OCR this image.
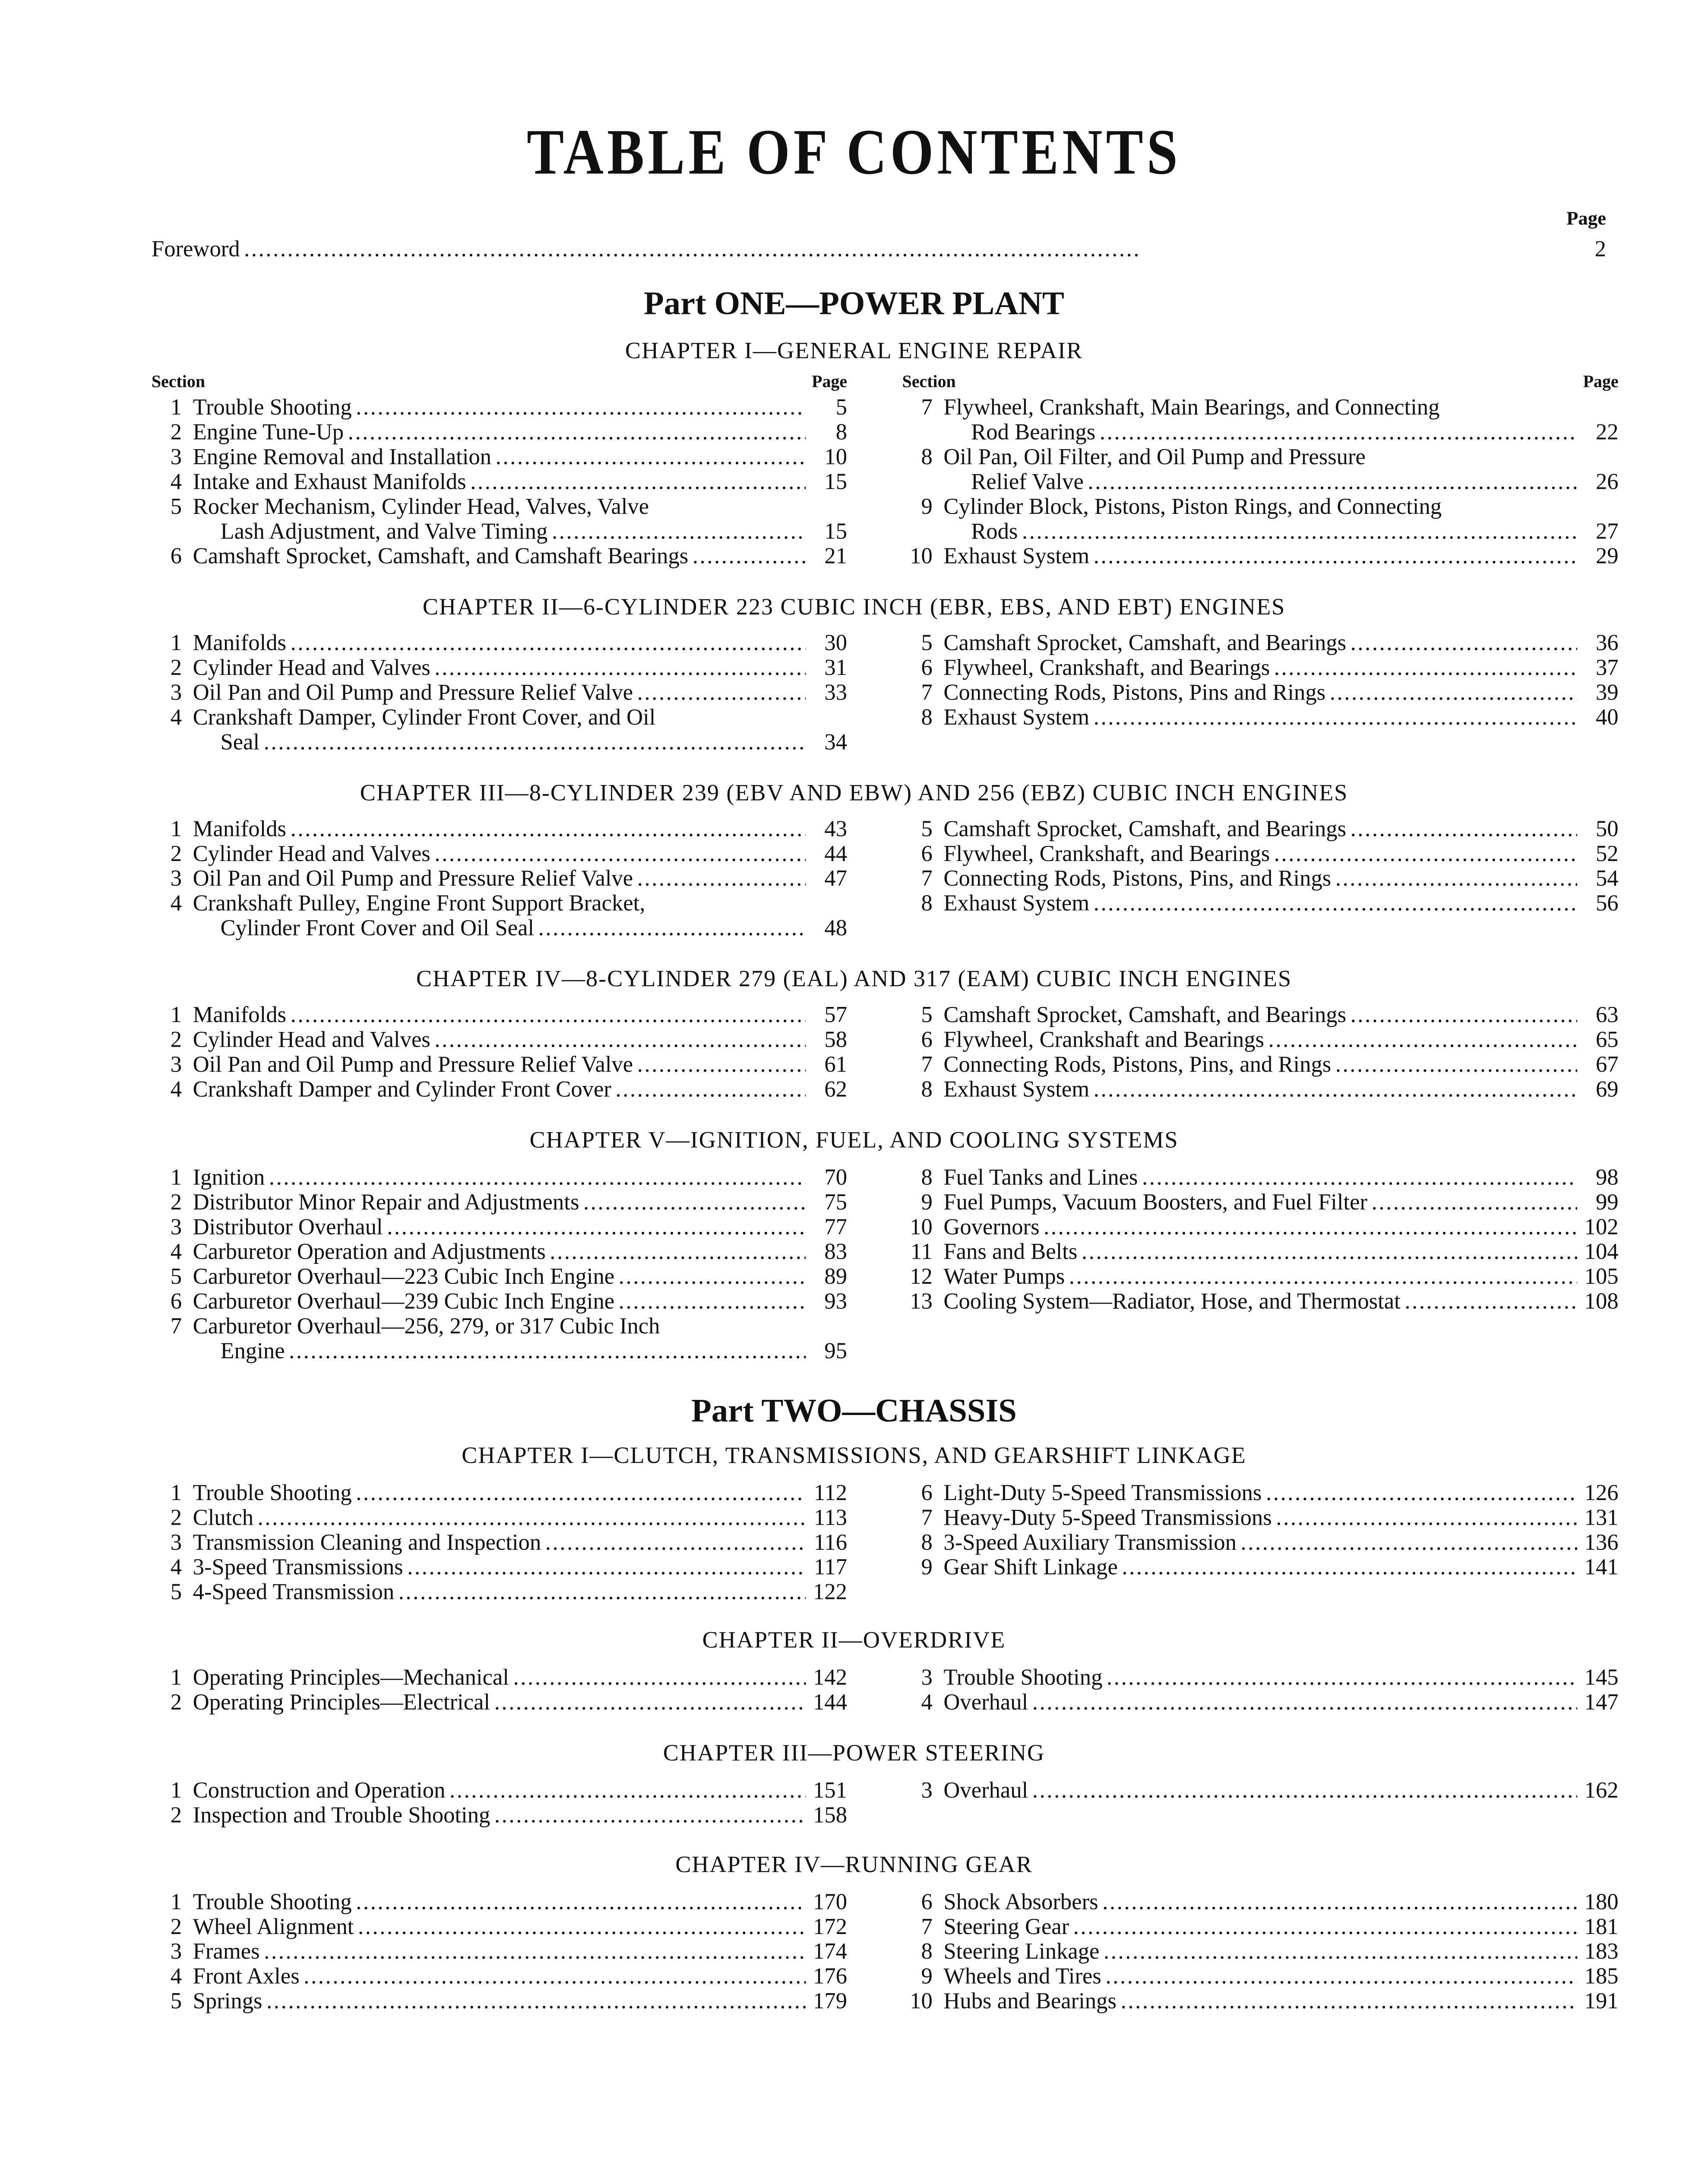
TABLE OF CONTENTS
Page
Foreword . . .	2
Part ONE—POWER PLANT
CHAPTER I—GENERAL ENGINE REPAIR
Section	Page
1	Trouble Shooting . . .	5
2	Engine Tune-Up . . .	8
3	Engine Removal and Installation . . .	10
4	Intake and Exhaust Manifolds . . .	15
5	Rocker Mechanism, Cylinder Head, Valves, Valve
Lash Adjustment, and Valve Timing . . .	15
6	Camshaft Sprocket, Camshaft, and Camshaft Bearings . . .	21
Section	Page
7	Flywheel, Crankshaft, Main Bearings, and Connecting
Rod Bearings . . .	22
8	Oil Pan, Oil Filter, and Oil Pump and Pressure
Relief Valve . . .	26
9	Cylinder Block, Pistons, Piston Rings, and Connecting
Rods . . .	27
10	Exhaust System . . .	29
CHAPTER II—6-CYLINDER 223 CUBIC INCH (EBR, EBS, AND EBT) ENGINES
1	Manifolds . . .	30
2	Cylinder Head and Valves . . .	31
3	Oil Pan and Oil Pump and Pressure Relief Valve . . .	33
4	Crankshaft Damper, Cylinder Front Cover, and Oil
Seal . . .	34
5	Camshaft Sprocket, Camshaft, and Bearings . . .	36
6	Flywheel, Crankshaft, and Bearings . . .	37
7	Connecting Rods, Pistons, Pins and Rings . . .	39
8	Exhaust System . . .	40
CHAPTER III—8-CYLINDER 239 (EBV AND EBW) AND 256 (EBZ) CUBIC INCH ENGINES
1	Manifolds . . .	43
2	Cylinder Head and Valves . . .	44
3	Oil Pan and Oil Pump and Pressure Relief Valve . . .	47
4	Crankshaft Pulley, Engine Front Support Bracket,
Cylinder Front Cover and Oil Seal . . .	48
5	Camshaft Sprocket, Camshaft, and Bearings . . .	50
6	Flywheel, Crankshaft, and Bearings . . .	52
7	Connecting Rods, Pistons, Pins, and Rings . . .	54
8	Exhaust System . . .	56
CHAPTER IV—8-CYLINDER 279 (EAL) AND 317 (EAM) CUBIC INCH ENGINES
1	Manifolds . . .	57
2	Cylinder Head and Valves . . .	58
3	Oil Pan and Oil Pump and Pressure Relief Valve . . .	61
4	Crankshaft Damper and Cylinder Front Cover . . .	62
5	Camshaft Sprocket, Camshaft, and Bearings . . .	63
6	Flywheel, Crankshaft and Bearings . . .	65
7	Connecting Rods, Pistons, Pins, and Rings . . .	67
8	Exhaust System . . .	69
CHAPTER V—IGNITION, FUEL, AND COOLING SYSTEMS
1	Ignition . . .	70
2	Distributor Minor Repair and Adjustments . . .	75
3	Distributor Overhaul . . .	77
4	Carburetor Operation and Adjustments . . .	83
5	Carburetor Overhaul—223 Cubic Inch Engine . . .	89
6	Carburetor Overhaul—239 Cubic Inch Engine . . .	93
7	Carburetor Overhaul—256, 279, or 317 Cubic Inch
Engine . . .	95
8	Fuel Tanks and Lines . . .	98
9	Fuel Pumps, Vacuum Boosters, and Fuel Filter . . .	99
10	Governors . . .	102
11	Fans and Belts . . .	104
12	Water Pumps . . .	105
13	Cooling System—Radiator, Hose, and Thermostat . . .	108
Part TWO—CHASSIS
CHAPTER I—CLUTCH, TRANSMISSIONS, AND GEARSHIFT LINKAGE
1	Trouble Shooting . . .	112
2	Clutch . . .	113
3	Transmission Cleaning and Inspection . . .	116
4	3-Speed Transmissions . . .	117
5	4-Speed Transmission . . .	122
6	Light-Duty 5-Speed Transmissions . . .	126
7	Heavy-Duty 5-Speed Transmissions . . .	131
8	3-Speed Auxiliary Transmission . . .	136
9	Gear Shift Linkage . . .	141
CHAPTER II—OVERDRIVE
1	Operating Principles—Mechanical . . .	142
2	Operating Principles—Electrical . . .	144
3	Trouble Shooting . . .	145
4	Overhaul . . .	147
CHAPTER III—POWER STEERING
1	Construction and Operation . . .	151
2	Inspection and Trouble Shooting . . .	158
3	Overhaul . . .	162
CHAPTER IV—RUNNING GEAR
1	Trouble Shooting . . .	170
2	Wheel Alignment . . .	172
3	Frames . . .	174
4	Front Axles . . .	176
5	Springs . . .	179
6	Shock Absorbers . . .	180
7	Steering Gear . . .	181
8	Steering Linkage . . .	183
9	Wheels and Tires . . .	185
10	Hubs and Bearings . . .	191
